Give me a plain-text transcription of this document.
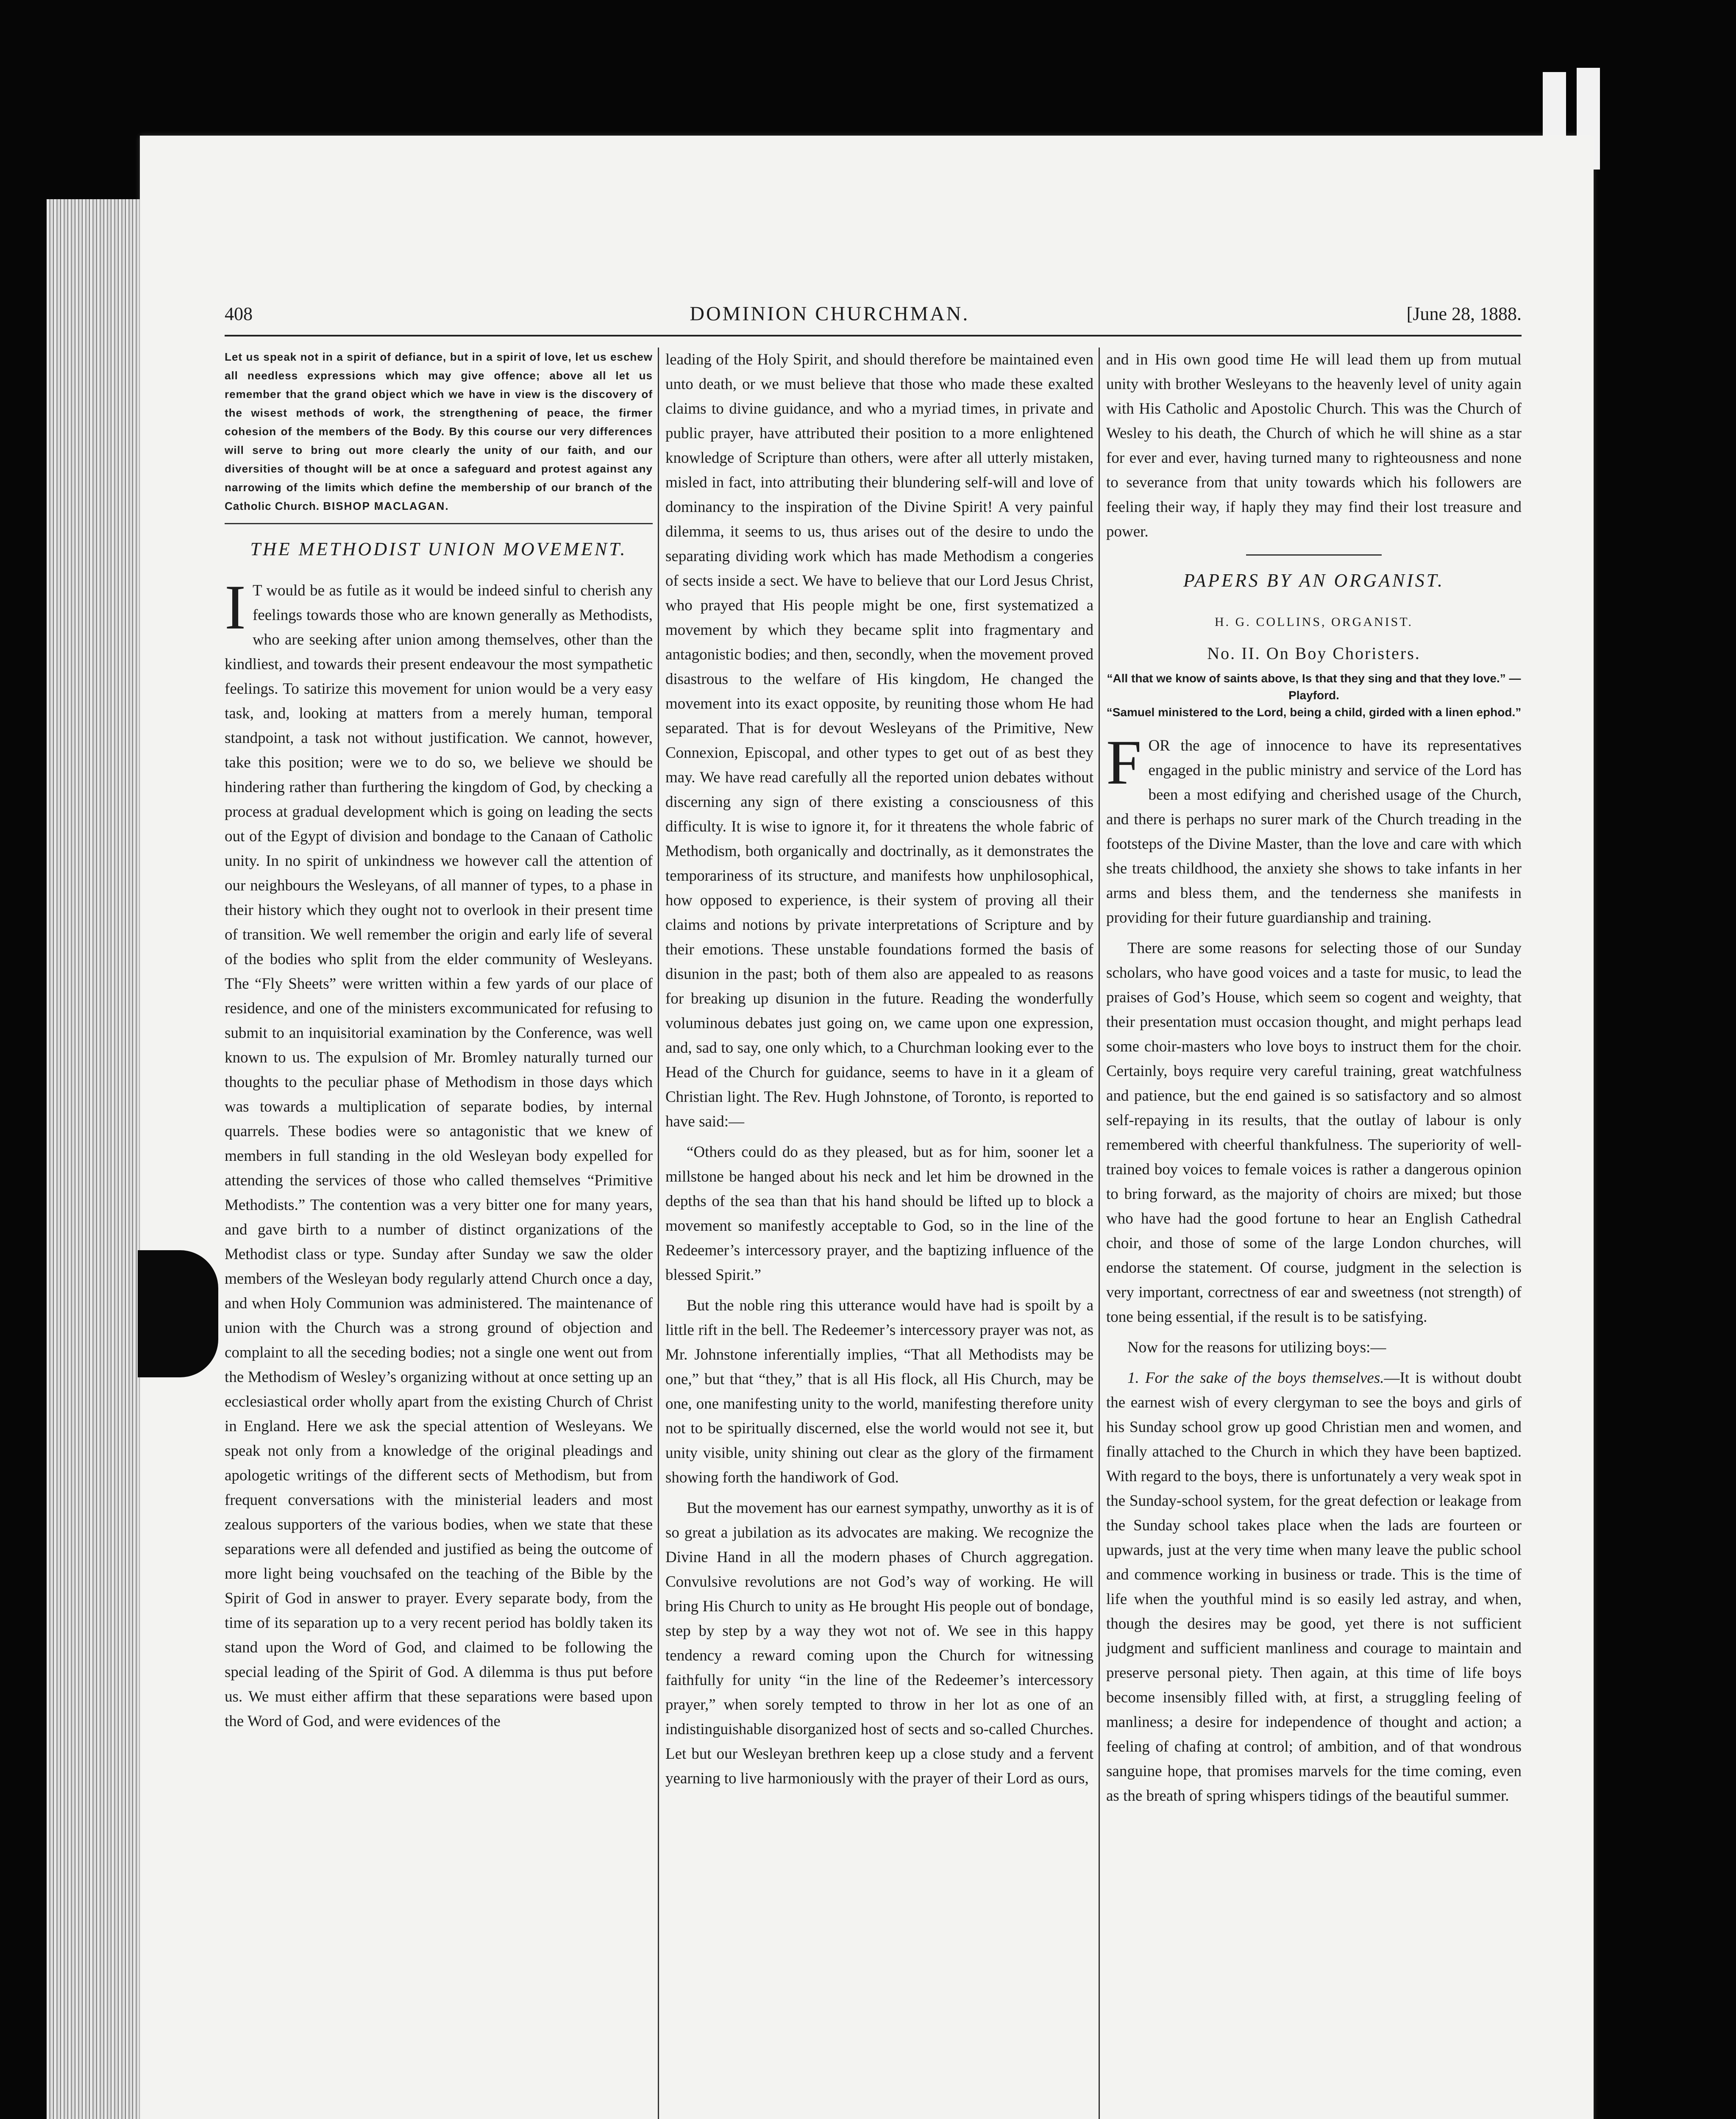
408	DOMINION CHURCHMAN.	[June 28, 1888.
Let us speak not in a spirit of defiance, but in a spirit of love, let us eschew all needless expressions which may give offence; above all let us remember that the grand object which we have in view is the discovery of the wisest methods of work, the strengthening of peace, the firmer cohesion of the members of the Body. By this course our very differences will serve to bring out more clearly the unity of our faith, and our diversities of thought will be at once a safeguard and protest against any narrowing of the limits which define the membership of our branch of the Catholic Church. BISHOP MACLAGAN.
THE METHODIST UNION MOVEMENT.

I T would be as futile as it would be indeed sinful to cherish any feelings towards those who are known generally as Methodists, who are seeking after union among themselves, other than the kindliest, and towards their present endeavour the most sympathetic feelings. To satirize this movement for union would be a very easy task, and, looking at matters from a merely human, temporal standpoint, a task not without justification. We cannot, however, take this position; were we to do so, we believe we should be hindering rather than furthering the kingdom of God, by checking a process at gradual development which is going on leading the sects out of the Egypt of division and bondage to the Canaan of Catholic unity. In no spirit of unkindness we however call the attention of our neighbours the Wesleyans, of all manner of types, to a phase in their history which they ought not to overlook in their present time of transition. We well remember the origin and early life of several of the bodies who split from the elder community of Wesleyans. The “Fly Sheets” were written within a few yards of our place of residence, and one of the ministers excommunicated for refusing to submit to an inquisitorial examination by the Conference, was well known to us. The expulsion of Mr. Bromley naturally turned our thoughts to the peculiar phase of Methodism in those days which was towards a multiplication of separate bodies, by internal quarrels. These bodies were so antagonistic that we knew of members in full standing in the old Wesleyan body expelled for attending the services of those who called themselves “Primitive Methodists.” The contention was a very bitter one for many years, and gave birth to a number of distinct organizations of the Methodist class or type. Sunday after Sunday we saw the older members of the Wesleyan body regularly attend Church once a day, and when Holy Communion was administered. The maintenance of union with the Church was a strong ground of objection and complaint to all the seceding bodies; not a single one went out from the Methodism of Wesley’s organizing without at once setting up an ecclesiastical order wholly apart from the existing Church of Christ in England. Here we ask the special attention of Wesleyans. We speak not only from a knowledge of the original pleadings and apologetic writings of the different sects of Methodism, but from frequent conversations with the ministerial leaders and most zealous supporters of the various bodies, when we state that these separations were all defended and justified as being the outcome of more light being vouchsafed on the teaching of the Bible by the Spirit of God in answer to prayer. Every separate body, from the time of its separation up to a very recent period has boldly taken its stand upon the Word of God, and claimed to be following the special leading of the Spirit of God. A dilemma is thus put before us. We must either affirm that these separations were based upon the Word of God, and were evidences of the

leading of the Holy Spirit, and should therefore be maintained even unto death, or we must believe that those who made these exalted claims to divine guidance, and who a myriad times, in private and public prayer, have attributed their position to a more enlightened knowledge of Scripture than others, were after all utterly mistaken, misled in fact, into attributing their blundering self-will and love of dominancy to the inspiration of the Divine Spirit! A very painful dilemma, it seems to us, thus arises out of the desire to undo the separating dividing work which has made Methodism a congeries of sects inside a sect. We have to believe that our Lord Jesus Christ, who prayed that His people might be one, first systematized a movement by which they became split into fragmentary and antagonistic bodies; and then, secondly, when the movement proved disastrous to the welfare of His kingdom, He changed the movement into its exact opposite, by reuniting those whom He had separated. That is for devout Wesleyans of the Primitive, New Connexion, Episcopal, and other types to get out of as best they may. We have read carefully all the reported union debates without discerning any sign of there existing a consciousness of this difficulty. It is wise to ignore it, for it threatens the whole fabric of Methodism, both organically and doctrinally, as it demonstrates the temporariness of its structure, and manifests how unphilosophical, how opposed to experience, is their system of proving all their claims and notions by private interpretations of Scripture and by their emotions. These unstable foundations formed the basis of disunion in the past; both of them also are appealed to as reasons for breaking up disunion in the future. Reading the wonderfully voluminous debates just going on, we came upon one expression, and, sad to say, one only which, to a Churchman looking ever to the Head of the Church for guidance, seems to have in it a gleam of Christian light. The Rev. Hugh Johnstone, of Toronto, is reported to have said:—

“Others could do as they pleased, but as for him, sooner let a millstone be hanged about his neck and let him be drowned in the depths of the sea than that his hand should be lifted up to block a movement so manifestly acceptable to God, so in the line of the Redeemer’s intercessory prayer, and the baptizing influence of the blessed Spirit.”

But the noble ring this utterance would have had is spoilt by a little rift in the bell. The Redeemer’s intercessory prayer was not, as Mr. Johnstone inferentially implies, “That all Methodists may be one,” but that “they,” that is all His flock, all His Church, may be one, one manifesting unity to the world, manifesting therefore unity not to be spiritually discerned, else the world would not see it, but unity visible, unity shining out clear as the glory of the firmament showing forth the handiwork of God.

But the movement has our earnest sympathy, unworthy as it is of so great a jubilation as its advocates are making. We recognize the Divine Hand in all the modern phases of Church aggregation. Convulsive revolutions are not God’s way of working. He will bring His Church to unity as He brought His people out of bondage, step by step by a way they wot not of. We see in this happy tendency a reward coming upon the Church for witnessing faithfully for unity “in the line of the Redeemer’s intercessory prayer,” when sorely tempted to throw in her lot as one of an indistinguishable disorganized host of sects and so-called Churches. Let but our Wesleyan brethren keep up a close study and a fervent yearning to live harmoniously with the prayer of their Lord as ours,

and in His own good time He will lead them up from mutual unity with brother Wesleyans to the heavenly level of unity again with His Catholic and Apostolic Church. This was the Church of Wesley to his death, the Church of which he will shine as a star for ever and ever, having turned many to righteousness and none to severance from that unity towards which his followers are feeling their way, if haply they may find their lost treasure and power.

PAPERS BY AN ORGANIST.
H. G. COLLINS, ORGANIST.
No. II. On Boy Choristers.
“All that we know of saints above, Is that they sing and that they love.” — Playford.
“Samuel ministered to the Lord, being a child, girded with a linen ephod.”

FOR the age of innocence to have its representatives engaged in the public ministry and service of the Lord has been a most edifying and cherished usage of the Church, and there is perhaps no surer mark of the Church treading in the footsteps of the Divine Master, than the love and care with which she treats childhood, the anxiety she shows to take infants in her arms and bless them, and the tenderness she manifests in providing for their future guardianship and training.

There are some reasons for selecting those of our Sunday scholars, who have good voices and a taste for music, to lead the praises of God’s House, which seem so cogent and weighty, that their presentation must occasion thought, and might perhaps lead some choir-masters who love boys to instruct them for the choir. Certainly, boys require very careful training, great watchfulness and patience, but the end gained is so satisfactory and so almost self-repaying in its results, that the outlay of labour is only remembered with cheerful thankfulness. The superiority of well-trained boy voices to female voices is rather a dangerous opinion to bring forward, as the majority of choirs are mixed; but those who have had the good fortune to hear an English Cathedral choir, and those of some of the large London churches, will endorse the statement. Of course, judgment in the selection is very important, correctness of ear and sweetness (not strength) of tone being essential, if the result is to be satisfying.

Now for the reasons for utilizing boys:—

1. For the sake of the boys themselves.—It is without doubt the earnest wish of every clergyman to see the boys and girls of his Sunday school grow up good Christian men and women, and finally attached to the Church in which they have been baptized. With regard to the boys, there is unfortunately a very weak spot in the Sunday-school system, for the great defection or leakage from the Sunday school takes place when the lads are fourteen or upwards, just at the very time when many leave the public school and commence working in business or trade. This is the time of life when the youthful mind is so easily led astray, and when, though the desires may be good, yet there is not sufficient judgment and sufficient manliness and courage to maintain and preserve personal piety. Then again, at this time of life boys become insensibly filled with, at first, a struggling feeling of manliness; a desire for independence of thought and action; a feeling of chafing at control; of ambition, and of that wondrous sanguine hope, that promises marvels for the time coming, even as the breath of spring whispers tidings of the beautiful summer.
